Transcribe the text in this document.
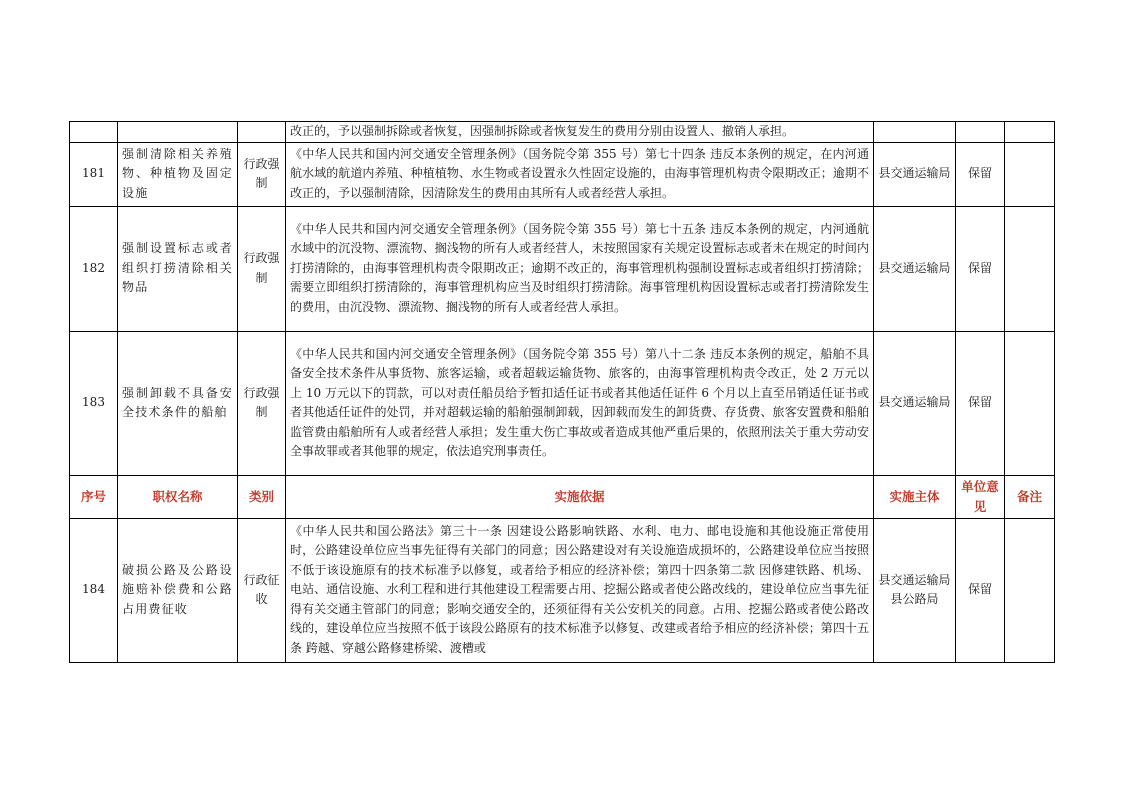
			改正的，予以强制拆除或者恢复，因强制拆除或者恢复发生的费用分别由设置人、撤销人承担。			
181	强制清除相关养殖物、种植物及固定设施	行政强制	《中华人民共和国内河交通安全管理条例》（国务院令第 355 号）第七十四条 违反本条例的规定，在内河通航水域的航道内养殖、种植植物、水生物或者设置永久性固定设施的，由海事管理机构责令限期改正；逾期不改正的，予以强制清除，因清除发生的费用由其所有人或者经营人承担。	县交通运输局	保留	
182	强制设置标志或者组织打捞清除相关物品	行政强制	《中华人民共和国内河交通安全管理条例》（国务院令第 355 号）第七十五条 违反本条例的规定，内河通航水域中的沉没物、漂流物、搁浅物的所有人或者经营人，未按照国家有关规定设置标志或者未在规定的时间内打捞清除的，由海事管理机构责令限期改正；逾期不改正的，海事管理机构强制设置标志或者组织打捞清除；需要立即组织打捞清除的，海事管理机构应当及时组织打捞清除。海事管理机构因设置标志或者打捞清除发生的费用，由沉没物、漂流物、搁浅物的所有人或者经营人承担。	县交通运输局	保留	
183	强制卸载不具备安全技术条件的船舶	行政强制	《中华人民共和国内河交通安全管理条例》（国务院令第 355 号）第八十二条 违反本条例的规定，船舶不具备安全技术条件从事货物、旅客运输，或者超载运输货物、旅客的，由海事管理机构责令改正，处 2 万元以上 10 万元以下的罚款，可以对责任船员给予暂扣适任证书或者其他适任证件 6 个月以上直至吊销适任证书或者其他适任证件的处罚，并对超载运输的船舶强制卸载，因卸载而发生的卸货费、存货费、旅客安置费和船舶监管费由船舶所有人或者经营人承担；发生重大伤亡事故或者造成其他严重后果的，依照刑法关于重大劳动安全事故罪或者其他罪的规定，依法追究刑事责任。	县交通运输局	保留	
序号	职权名称	类别	实施依据	实施主体	单位意见	备注
184	破损公路及公路设施赔补偿费和公路占用费征收	行政征收	《中华人民共和国公路法》第三十一条 因建设公路影响铁路、水利、电力、邮电设施和其他设施正常使用时，公路建设单位应当事先征得有关部门的同意；因公路建设对有关设施造成损坏的，公路建设单位应当按照不低于该设施原有的技术标准予以修复，或者给予相应的经济补偿；第四十四条第二款 因修建铁路、机场、电站、通信设施、水利工程和进行其他建设工程需要占用、挖掘公路或者使公路改线的，建设单位应当事先征得有关交通主管部门的同意；影响交通安全的，还须征得有关公安机关的同意。占用、挖掘公路或者使公路改线的，建设单位应当按照不低于该段公路原有的技术标准予以修复、改建或者给予相应的经济补偿；第四十五条 跨越、穿越公路修建桥梁、渡槽或	县交通运输局县公路局	保留	
